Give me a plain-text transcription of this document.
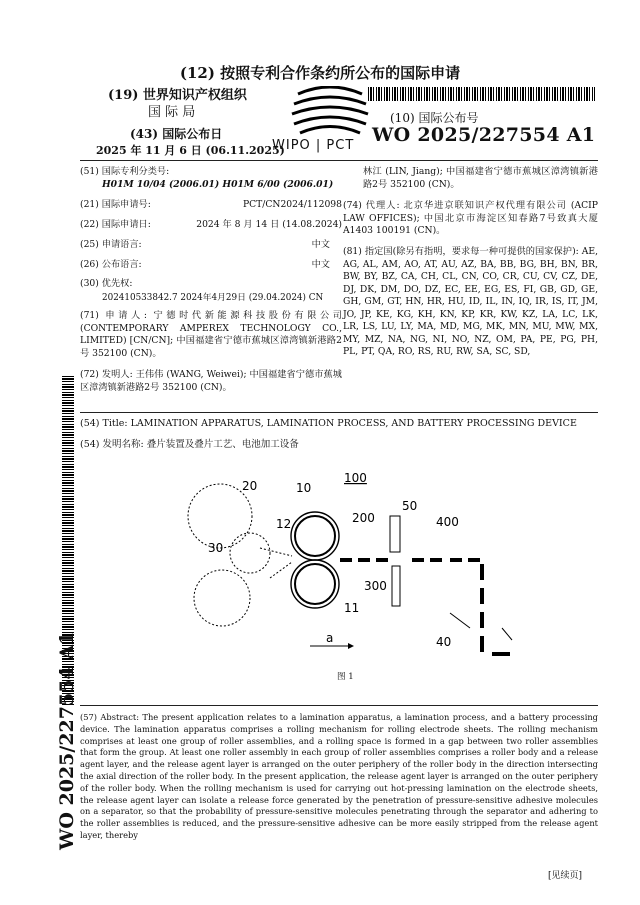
(12) 按照专利合作条约所公布的国际申请
(19) 世界知识产权组织
国 际 局
(43) 国际公布日
2025 年 11 月 6 日 (06.11.2025)
WIPO | PCT
(10) 国际公布号
WO 2025/227554 A1
(51) 国际专利分类号:
H01M 10/04 (2006.01) H01M 6/00 (2006.01)
(21) 国际申请号:	PCT/CN2024/112098
(22) 国际申请日:	2024 年 8 月 14 日 (14.08.2024)
(25) 申请语言:	中文
(26) 公布语言:	中文
(30) 优先权:
202410533842.7 2024年4月29日 (29.04.2024) CN
(71) 申请人: 宁德时代新能源科技股份有限公司 (CONTEMPORARY AMPEREX TECHNOLOGY CO., LIMITED) [CN/CN]; 中国福建省宁德市蕉城区漳湾镇新港路2号 352100 (CN)。
(72) 发明人: 王伟伟 (WANG, Weiwei); 中国福建省宁德市蕉城区漳湾镇新港路2号 352100 (CN)。
林江 (LIN, Jiang); 中国福建省宁德市蕉城区漳湾镇新港路2号 352100 (CN)。
(74) 代理人: 北京华进京联知识产权代理有限公司 (ACIP LAW OFFICES); 中国北京市海淀区知春路7号致真大厦A1403 100191 (CN)。
(81) 指定国(除另有指明，要求每一种可提供的国家保护): AE, AG, AL, AM, AO, AT, AU, AZ, BA, BB, BG, BH, BN, BR, BW, BY, BZ, CA, CH, CL, CN, CO, CR, CU, CV, CZ, DE, DJ, DK, DM, DO, DZ, EC, EE, EG, ES, FI, GB, GD, GE, GH, GM, GT, HN, HR, HU, ID, IL, IN, IQ, IR, IS, IT, JM, JO, JP, KE, KG, KH, KN, KP, KR, KW, KZ, LA, LC, LK, LR, LS, LU, LY, MA, MD, MG, MK, MN, MU, MW, MX, MY, MZ, NA, NG, NI, NO, NZ, OM, PA, PE, PG, PH, PL, PT, QA, RO, RS, RU, RW, SA, SC, SD,
(54) Title: LAMINATION APPARATUS, LAMINATION PROCESS, AND BATTERY PROCESSING DEVICE
(54) 发明名称: 叠片装置及叠片工艺、电池加工设备
20	10
100
50
12	200	400
30
300
11
40
a
图 1
(57) Abstract: The present application relates to a lamination apparatus, a lamination process, and a battery processing device. The lamination apparatus comprises a rolling mechanism for rolling electrode sheets. The rolling mechanism comprises at least one group of roller assemblies, and a rolling space is formed in a gap between two roller assemblies that form the group. At least one roller assembly in each group of roller assemblies comprises a roller body and a release agent layer, and the release agent layer is arranged on the outer periphery of the roller body in the direction intersecting the axial direction of the roller body. In the present application, the release agent layer is arranged on the outer periphery of the roller body. When the rolling mechanism is used for carrying out hot-pressing lamination on the electrode sheets, the release agent layer can isolate a release force generated by the penetration of pressure-sensitive adhesive molecules on a separator, so that the probability of pressure-sensitive molecules penetrating through the separator and adhering to the roller assemblies is reduced, and the pressure-sensitive adhesive can be more easily stripped from the release agent layer, thereby
WO 2025/227554 A1
[见续页]
